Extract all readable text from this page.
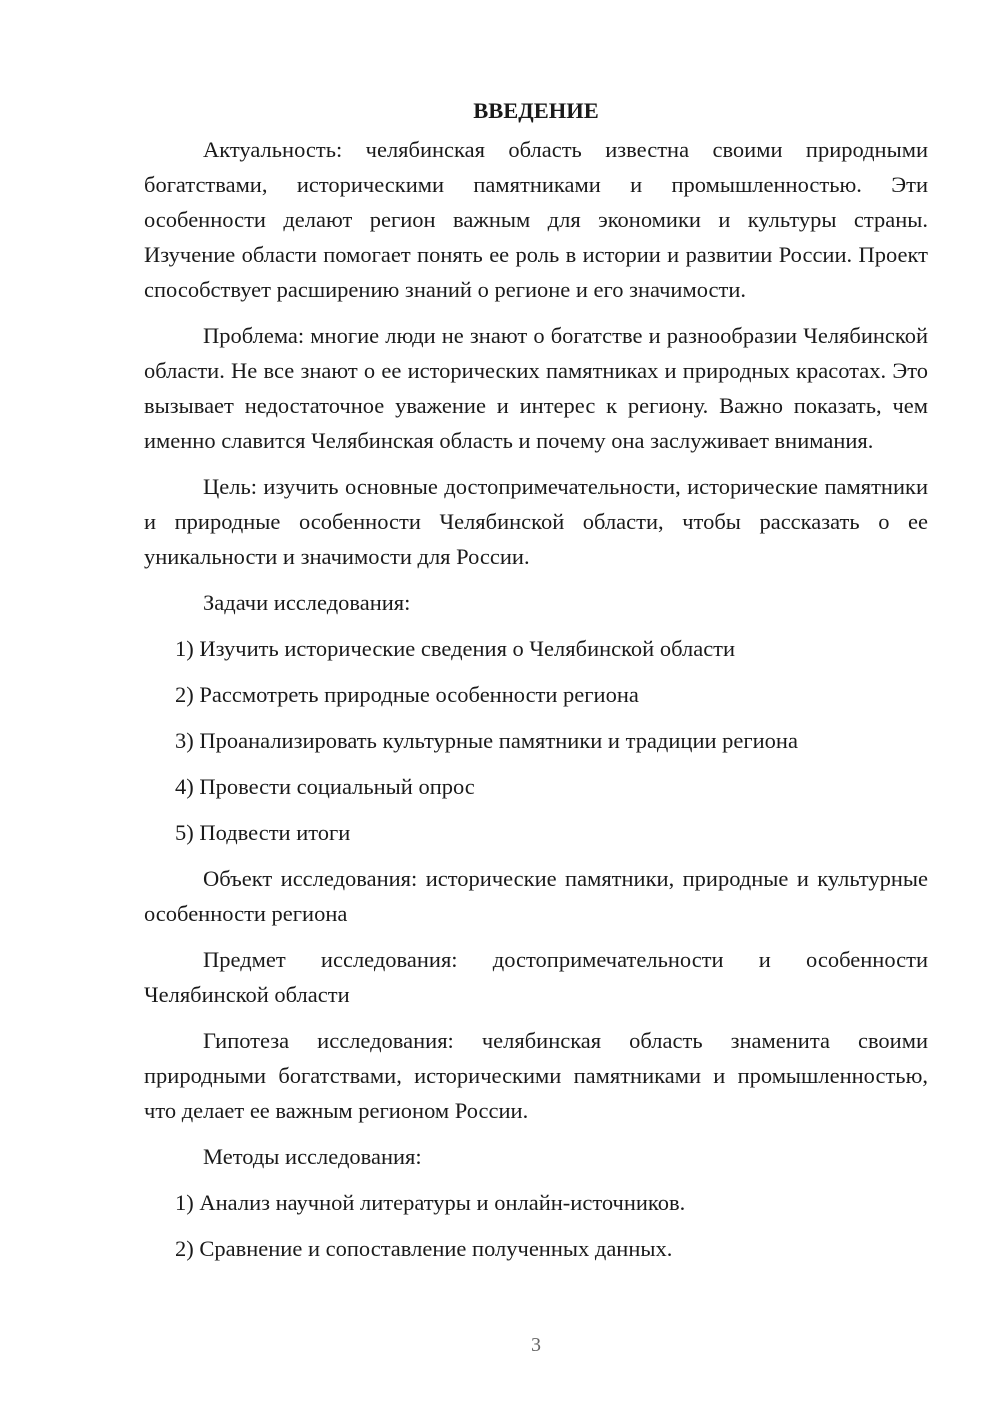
ВВЕДЕНИЕ
Актуальность: челябинская область известна своими природными богатствами, историческими памятниками и промышленностью. Эти особенности делают регион важным для экономики и культуры страны. Изучение области помогает понять ее роль в истории и развитии России. Проект способствует расширению знаний о регионе и его значимости.
Проблема: многие люди не знают о богатстве и разнообразии Челябинской области. Не все знают о ее исторических памятниках и природных красотах. Это вызывает недостаточное уважение и интерес к региону. Важно показать, чем именно славится Челябинская область и почему она заслуживает внимания.
Цель: изучить основные достопримечательности, исторические памятники и природные особенности Челябинской области, чтобы рассказать о ее уникальности и значимости для России.
Задачи исследования:
1) Изучить исторические сведения о Челябинской области
2) Рассмотреть природные особенности региона
3) Проанализировать культурные памятники и традиции региона
4) Провести социальный опрос
5) Подвести итоги
Объект исследования: исторические памятники, природные и культурные особенности региона
Предмет исследования: достопримечательности и особенности Челябинской области
Гипотеза исследования: челябинская область знаменита своими природными богатствами, историческими памятниками и промышленностью, что делает ее важным регионом России.
Методы исследования:
1) Анализ научной литературы и онлайн-источников.
2) Сравнение и сопоставление полученных данных.
3
